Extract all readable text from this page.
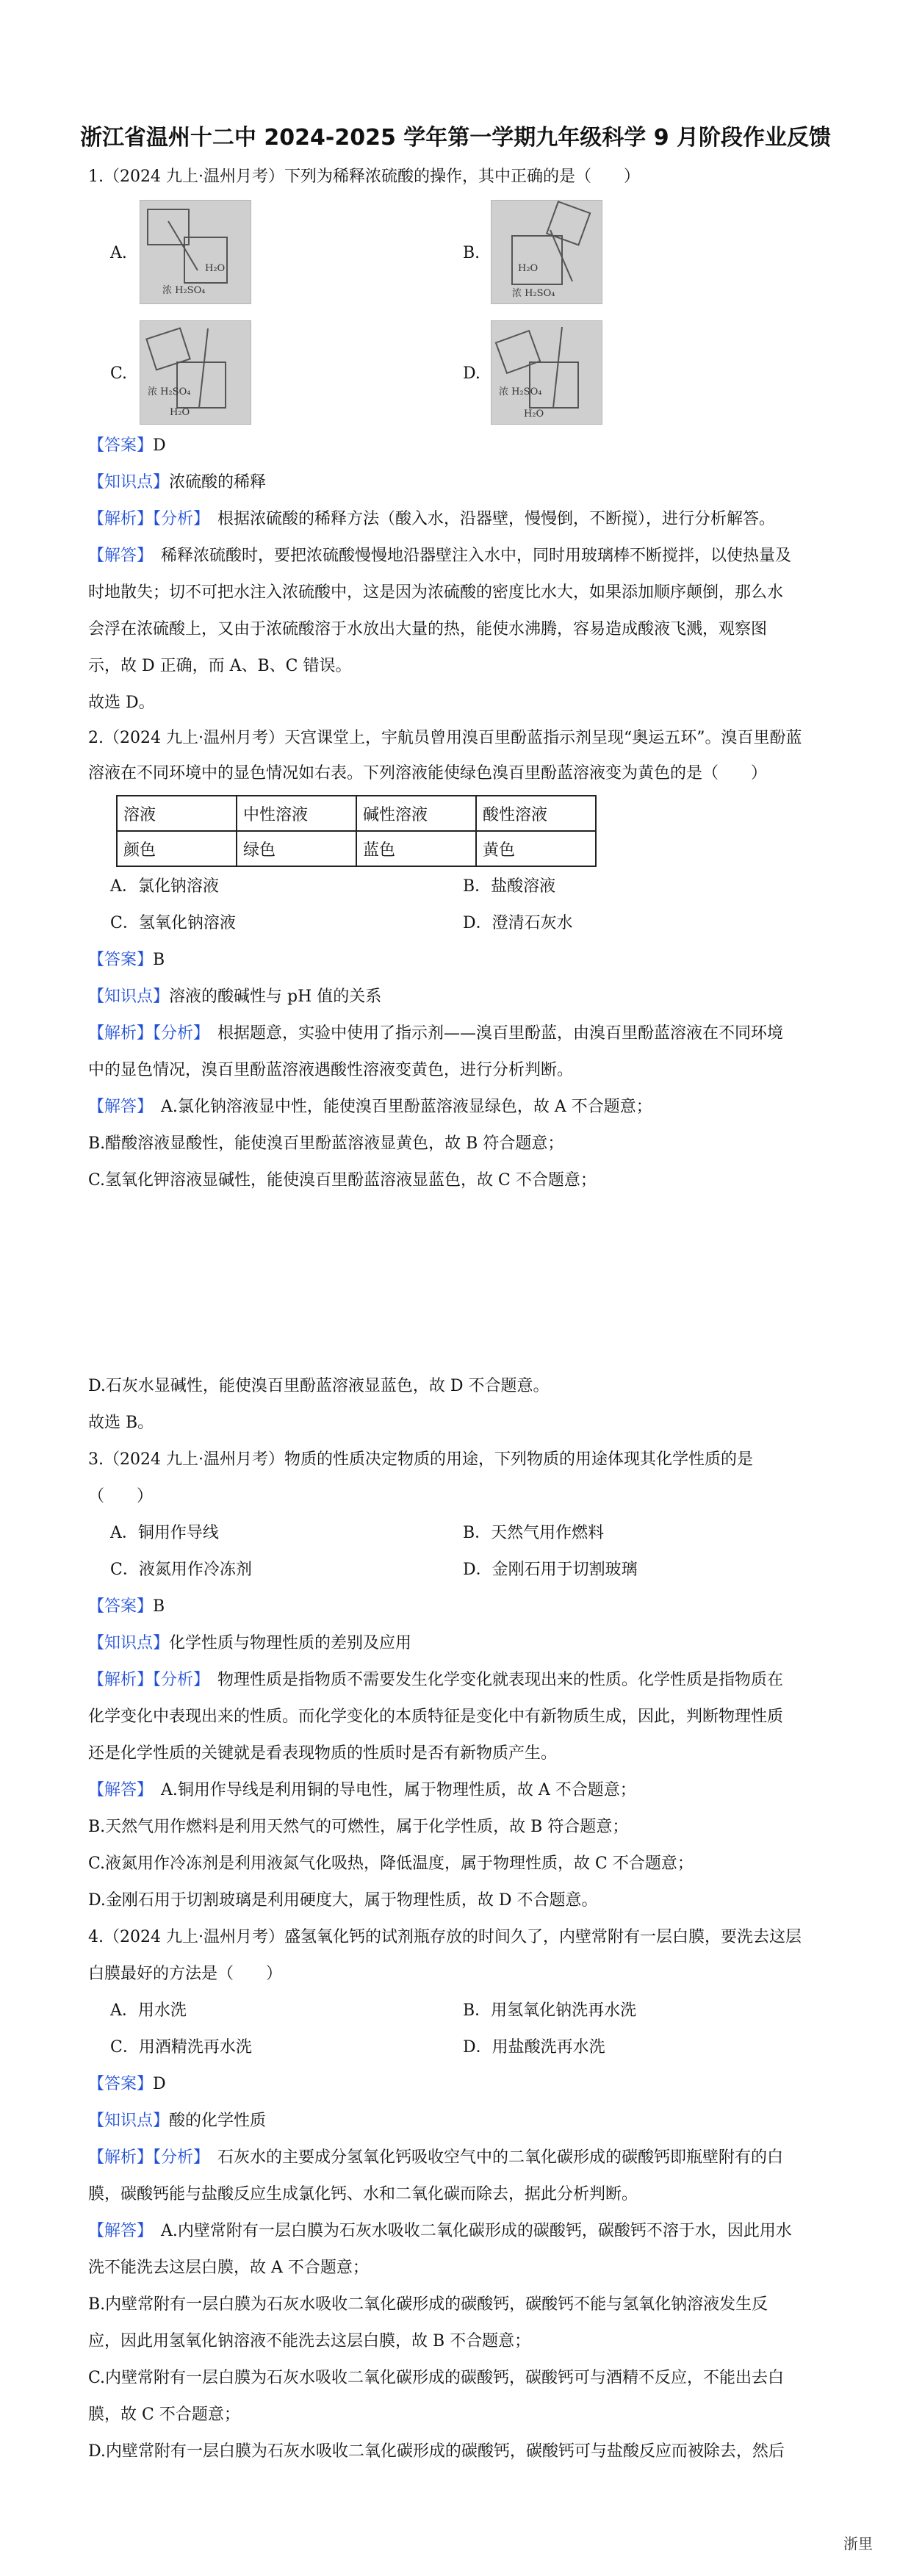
浙江省温州十二中 2024-2025 学年第一学期九年级科学 9 月阶段作业反馈
1.（2024 九上·温州月考）下列为稀释浓硫酸的操作，其中正确的是（　　）
A.
H₂O
浓 H₂SO₄
B.
H₂O
浓 H₂SO₄
C.
浓 H₂SO₄
H₂O
D.
浓 H₂SO₄
H₂O
【答案】D
【知识点】浓硫酸的稀释
【解析】【分析】　 根据浓硫酸的稀释方法（酸入水，沿器壁，慢慢倒，不断搅），进行分析解答。
【解答】　 稀释浓硫酸时，要把浓硫酸慢慢地沿器壁注入水中，同时用玻璃棒不断搅拌，以使热量及
时地散失；切不可把水注入浓硫酸中，这是因为浓硫酸的密度比水大，如果添加顺序颠倒，那么水
会浮在浓硫酸上，又由于浓硫酸溶于水放出大量的热，能使水沸腾，容易造成酸液飞溅，观察图
示，故 D 正确，而 A、B、C 错误。
故选 D。
2.（2024 九上·温州月考）天宫课堂上，宇航员曾用溴百里酚蓝指示剂呈现“奥运五环”。溴百里酚蓝
溶液在不同环境中的显色情况如右表。下列溶液能使绿色溴百里酚蓝溶液变为黄色的是（　　）
溶液	中性溶液	碱性溶液	酸性溶液
颜色	绿色	蓝色	黄色
A．氯化钠溶液	B．盐酸溶液
C．氢氧化钠溶液	D．澄清石灰水
【答案】B
【知识点】溶液的酸碱性与 pH 值的关系
【解析】【分析】　 根据题意，实验中使用了指示剂——溴百里酚蓝，由溴百里酚蓝溶液在不同环境
中的显色情况，溴百里酚蓝溶液遇酸性溶液变黄色，进行分析判断。
【解答】　 A.氯化钠溶液显中性，能使溴百里酚蓝溶液显绿色，故 A 不合题意；
B.醋酸溶液显酸性，能使溴百里酚蓝溶液显黄色，故 B 符合题意；
C.氢氧化钾溶液显碱性，能使溴百里酚蓝溶液显蓝色，故 C 不合题意；
D.石灰水显碱性，能使溴百里酚蓝溶液显蓝色，故 D 不合题意。
故选 B。
3.（2024 九上·温州月考）物质的性质决定物质的用途，下列物质的用途体现其化学性质的是
（　　）
A．铜用作导线	B．天然气用作燃料
C．液氮用作冷冻剂	D．金刚石用于切割玻璃
【答案】B
【知识点】化学性质与物理性质的差别及应用
【解析】【分析】　 物理性质是指物质不需要发生化学变化就表现出来的性质。化学性质是指物质在
化学变化中表现出来的性质。而化学变化的本质特征是变化中有新物质生成，因此，判断物理性质
还是化学性质的关键就是看表现物质的性质时是否有新物质产生。
【解答】　 A.铜用作导线是利用铜的导电性，属于物理性质，故 A 不合题意；
B.天然气用作燃料是利用天然气的可燃性，属于化学性质，故 B 符合题意；
C.液氮用作冷冻剂是利用液氮气化吸热，降低温度，属于物理性质，故 C 不合题意；
D.金刚石用于切割玻璃是利用硬度大，属于物理性质，故 D 不合题意。
4.（2024 九上·温州月考）盛氢氧化钙的试剂瓶存放的时间久了，内壁常附有一层白膜，要洗去这层
白膜最好的方法是（　　）
A．用水洗	B．用氢氧化钠洗再水洗
C．用酒精洗再水洗	D．用盐酸洗再水洗
【答案】D
【知识点】酸的化学性质
【解析】【分析】　 石灰水的主要成分氢氧化钙吸收空气中的二氧化碳形成的碳酸钙即瓶壁附有的白
膜，碳酸钙能与盐酸反应生成氯化钙、水和二氧化碳而除去，据此分析判断。
【解答】　 A.内壁常附有一层白膜为石灰水吸收二氧化碳形成的碳酸钙，碳酸钙不溶于水，因此用水
洗不能洗去这层白膜，故 A 不合题意；
B.内壁常附有一层白膜为石灰水吸收二氧化碳形成的碳酸钙，碳酸钙不能与氢氧化钠溶液发生反
应，因此用氢氧化钠溶液不能洗去这层白膜，故 B 不合题意；
C.内壁常附有一层白膜为石灰水吸收二氧化碳形成的碳酸钙，碳酸钙可与酒精不反应，不能出去白
膜，故 C 不合题意；
D.内壁常附有一层白膜为石灰水吸收二氧化碳形成的碳酸钙，碳酸钙可与盐酸反应而被除去，然后
浙里
